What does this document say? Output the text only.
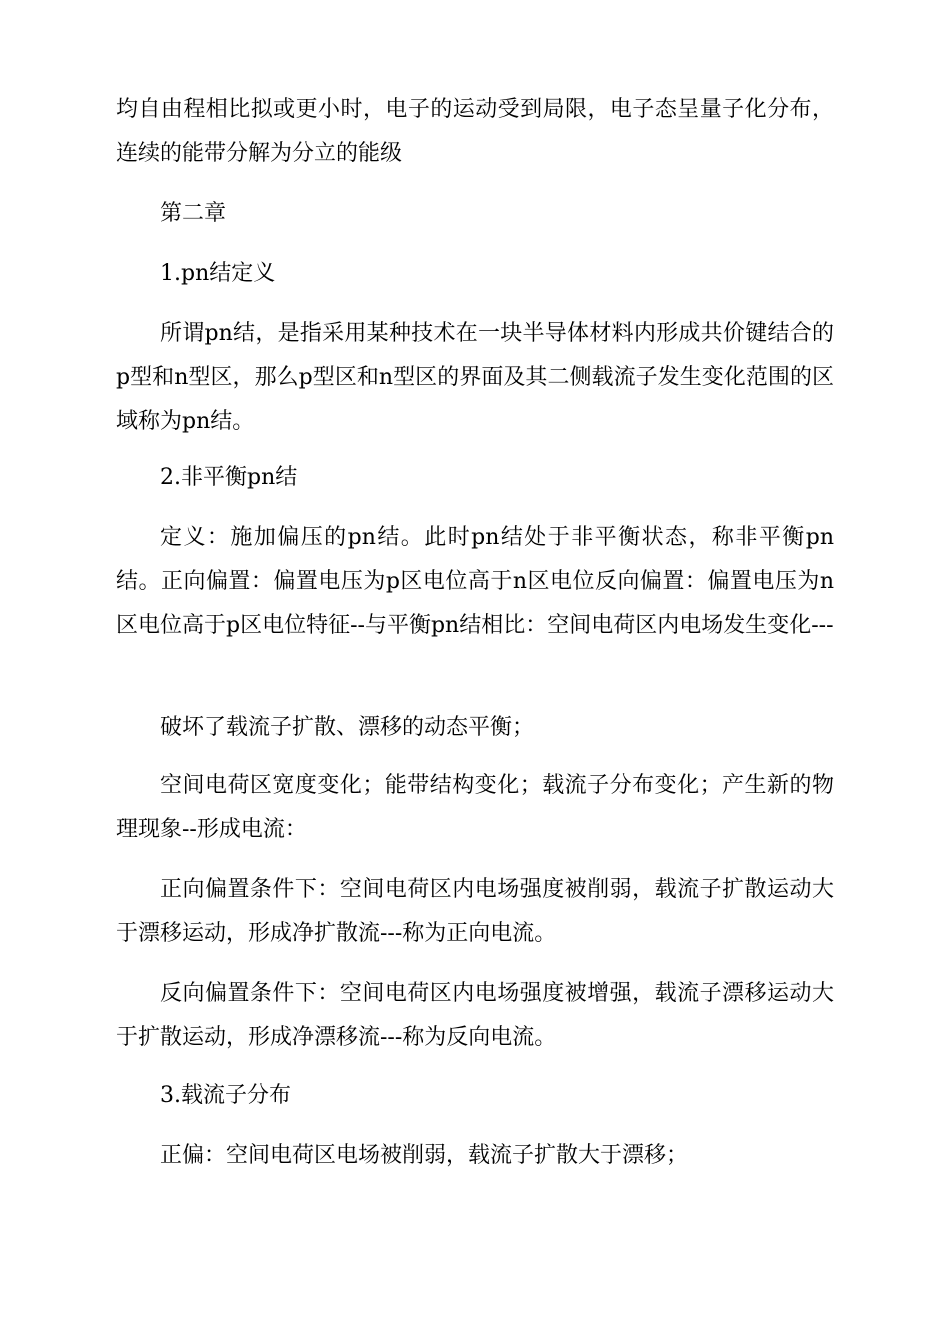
均自由程相比拟或更小时，电子的运动受到局限，电子态呈量子化分布，连续的能带分解为分立的能级

第二章

1.pn结定义

所谓pn结，是指采用某种技术在一块半导体材料内形成共价键结合的p型和n型区，那么p型区和n型区的界面及其二侧载流子发生变化范围的区域称为pn结。

2.非平衡pn结

定义：施加偏压的pn结。此时pn结处于非平衡状态，称非平衡pn结。正向偏置：偏置电压为p区电位高于n区电位反向偏置：偏置电压为n区电位高于p区电位特征--与平衡pn结相比：空间电荷区内电场发生变化---

破坏了载流子扩散、漂移的动态平衡；

空间电荷区宽度变化；能带结构变化；载流子分布变化；产生新的物理现象--形成电流：

正向偏置条件下：空间电荷区内电场强度被削弱，载流子扩散运动大于漂移运动，形成净扩散流---称为正向电流。

反向偏置条件下：空间电荷区内电场强度被增强，载流子漂移运动大于扩散运动，形成净漂移流---称为反向电流。

3.载流子分布

正偏：空间电荷区电场被削弱，载流子扩散大于漂移；
